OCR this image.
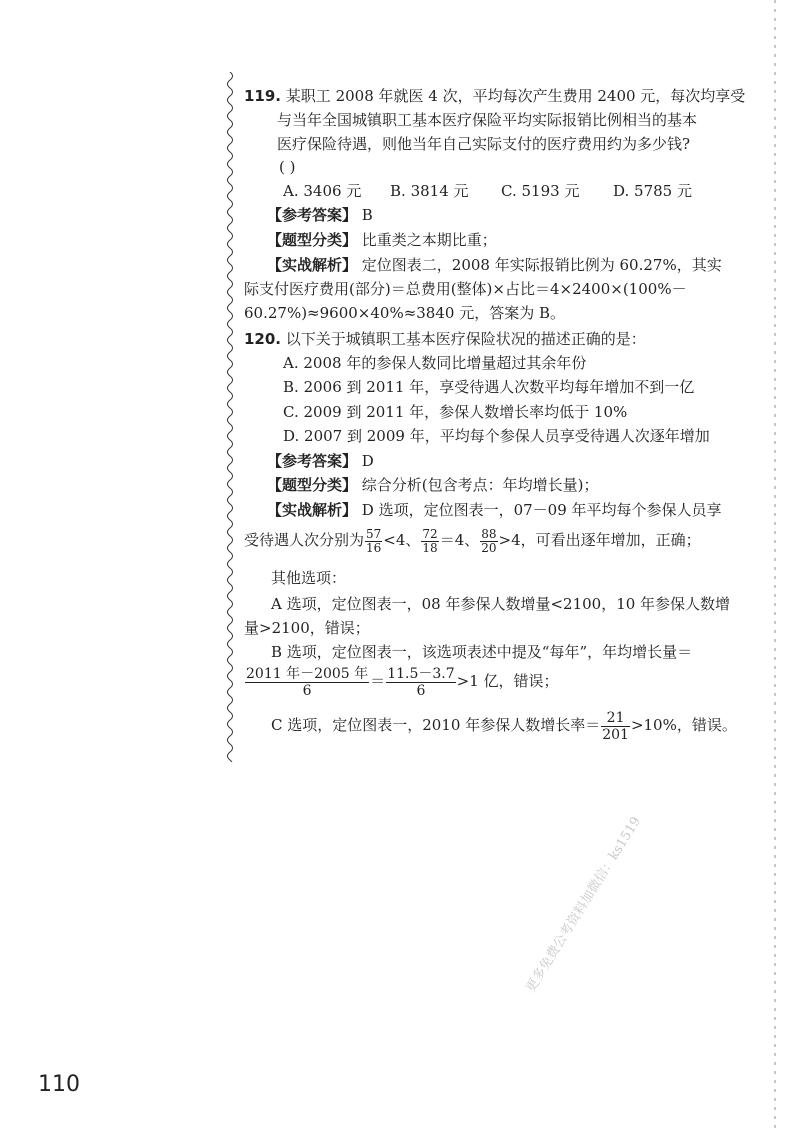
119. 某职工 2008 年就医 4 次，平均每次产生费用 2400 元，每次均享受
与当年全国城镇职工基本医疗保险平均实际报销比例相当的基本
医疗保险待遇，则他当年自己实际支付的医疗费用约为多少钱?
( )
A. 3406 元 B. 3814 元 C. 5193 元 D. 5785 元
【参考答案】 B
【题型分类】 比重类之本期比重；
【实战解析】 定位图表二，2008 年实际报销比例为 60.27%，其实
际支付医疗费用(部分)＝总费用(整体)×占比＝4×2400×(100%－
60.27%)≈9600×40%≈3840 元，答案为 B。
120. 以下关于城镇职工基本医疗保险状况的描述正确的是：
A. 2008 年的参保人数同比增量超过其余年份
B. 2006 到 2011 年，享受待遇人次数平均每年增加不到一亿
C. 2009 到 2011 年，参保人数增长率均低于 10%
D. 2007 到 2009 年，平均每个参保人员享受待遇人次逐年增加
【参考答案】 D
【题型分类】 综合分析(包含考点：年均增长量)；
【实战解析】 D 选项，定位图表一，07－09 年平均每个参保人员享
受待遇人次分别为 $\frac{57}{16} <4$、 $\frac{72}{18} =4$、 $\frac{88}{20} >4$，可看出逐年增加，正确；
其他选项：
A 选项，定位图表一，08 年参保人数增量<2100，10 年参保人数增
量>2100，错误；
B 选项，定位图表一，该选项表述中提及“每年”，年均增长量＝
$\frac{\text{2011 年－2005 年}}{6} = \frac{11.5-3.7}{6} >1$ 亿，错误；
C 选项，定位图表一，2010 年参保人数增长率＝ $\frac{21}{201} >10\%$，错误。
更多免费公考资料加微信：ks1519
110
